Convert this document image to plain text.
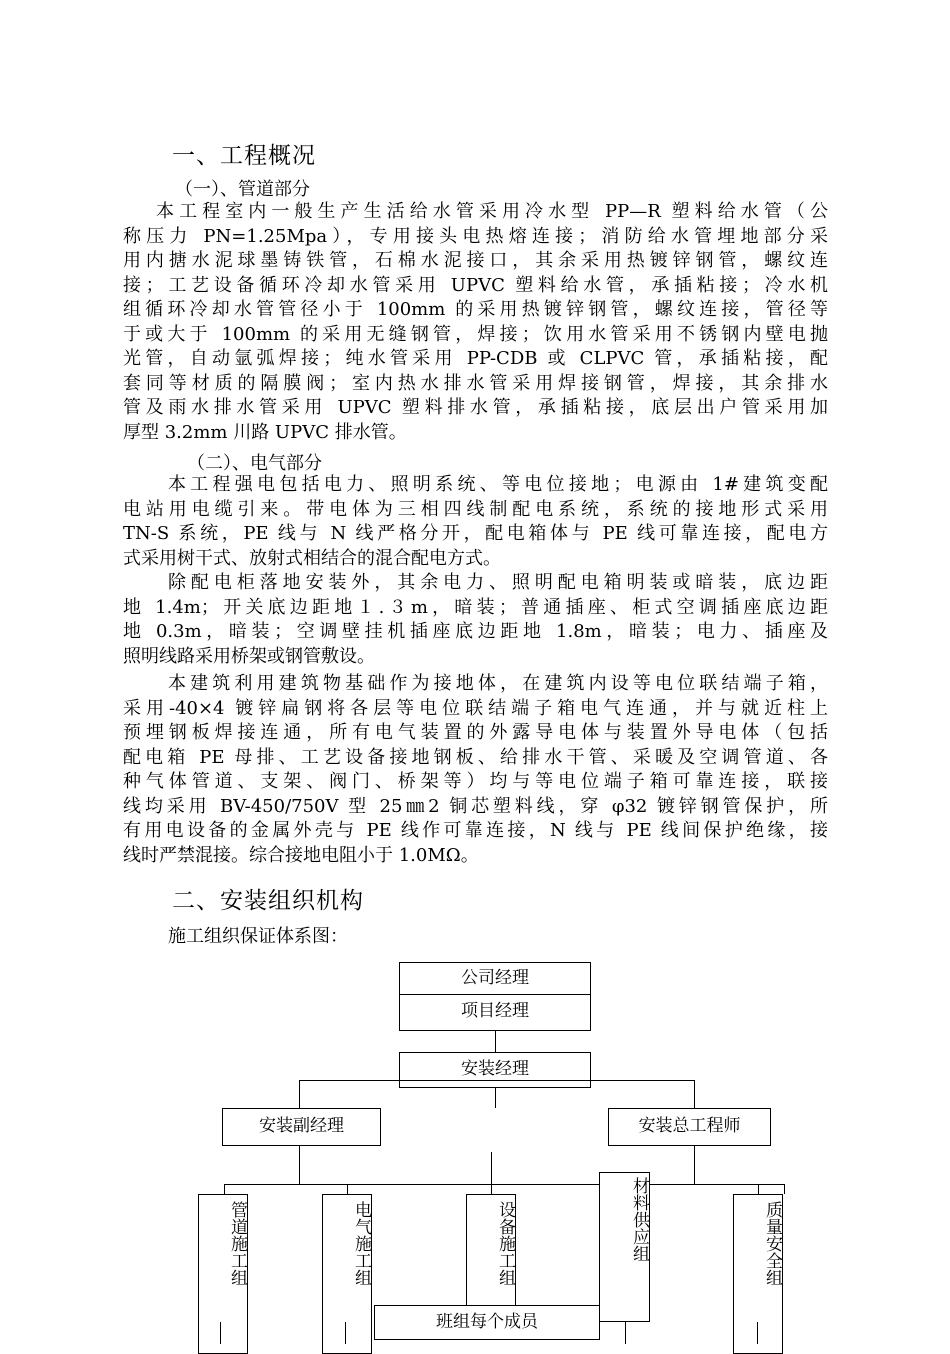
一、工程概况
（一）、管道部分
本工程室内一般生产生活给水管采用冷水型 PP—R 塑料给水管（公
称压力 PN=1.25Mpa），专用接头电热熔连接；消防给水管埋地部分采
用内搪水泥球墨铸铁管，石棉水泥接口，其余采用热镀锌钢管，螺纹连
接；工艺设备循环冷却水管采用 UPVC 塑料给水管，承插粘接；冷水机
组循环冷却水管管径小于 100mm 的采用热镀锌钢管，螺纹连接，管径等
于或大于 100mm 的采用无缝钢管，焊接；饮用水管采用不锈钢内壁电抛
光管，自动氩弧焊接；纯水管采用 PP-CDB 或 CLPVC 管，承插粘接，配
套同等材质的隔膜阀；室内热水排水管采用焊接钢管，焊接，其余排水
管及雨水排水管采用 UPVC 塑料排水管，承插粘接，底层出户管采用加
厚型 3.2mm 川路 UPVC 排水管。
（二）、电气部分
本工程强电包括电力、照明系统、等电位接地；电源由 1#建筑变配
电站用电缆引来。带电体为三相四线制配电系统，系统的接地形式采用
TN-S 系统，PE 线与 N 线严格分开，配电箱体与 PE 线可靠连接，配电方
式采用树干式、放射式相结合的混合配电方式。
除配电柜落地安装外，其余电力、照明配电箱明装或暗装，底边距
地 1.4m；开关底边距地１.３m，暗装；普通插座、柜式空调插座底边距
地 0.3m，暗装；空调壁挂机插座底边距地 1.8m，暗装；电力、插座及
照明线路采用桥架或钢管敷设。
本建筑利用建筑物基础作为接地体，在建筑内设等电位联结端子箱，
采用-40×4 镀锌扁钢将各层等电位联结端子箱电气连通，并与就近柱上
预埋钢板焊接连通，所有电气装置的外露导电体与装置外导电体（包括
配电箱 PE 母排、工艺设备接地钢板、给排水干管、采暖及空调管道、各
种气体管道、支架、阀门、桥架等）均与等电位端子箱可靠连接，联接
线均采用 BV-450/750V 型 25㎜2 铜芯塑料线，穿 φ32 镀锌钢管保护，所
有用电设备的金属外壳与 PE 线作可靠连接，N 线与 PE 线间保护绝缘，接
线时严禁混接。综合接地电阻小于 1.0MΩ。
二、安装组织机构
施工组织保证体系图：
公司经理
项目经理
安装经理
安装副经理	安装总工程师
管道施工组	电气施工组	设备施工组	材料供应组	质量安全组
班组每个成员
